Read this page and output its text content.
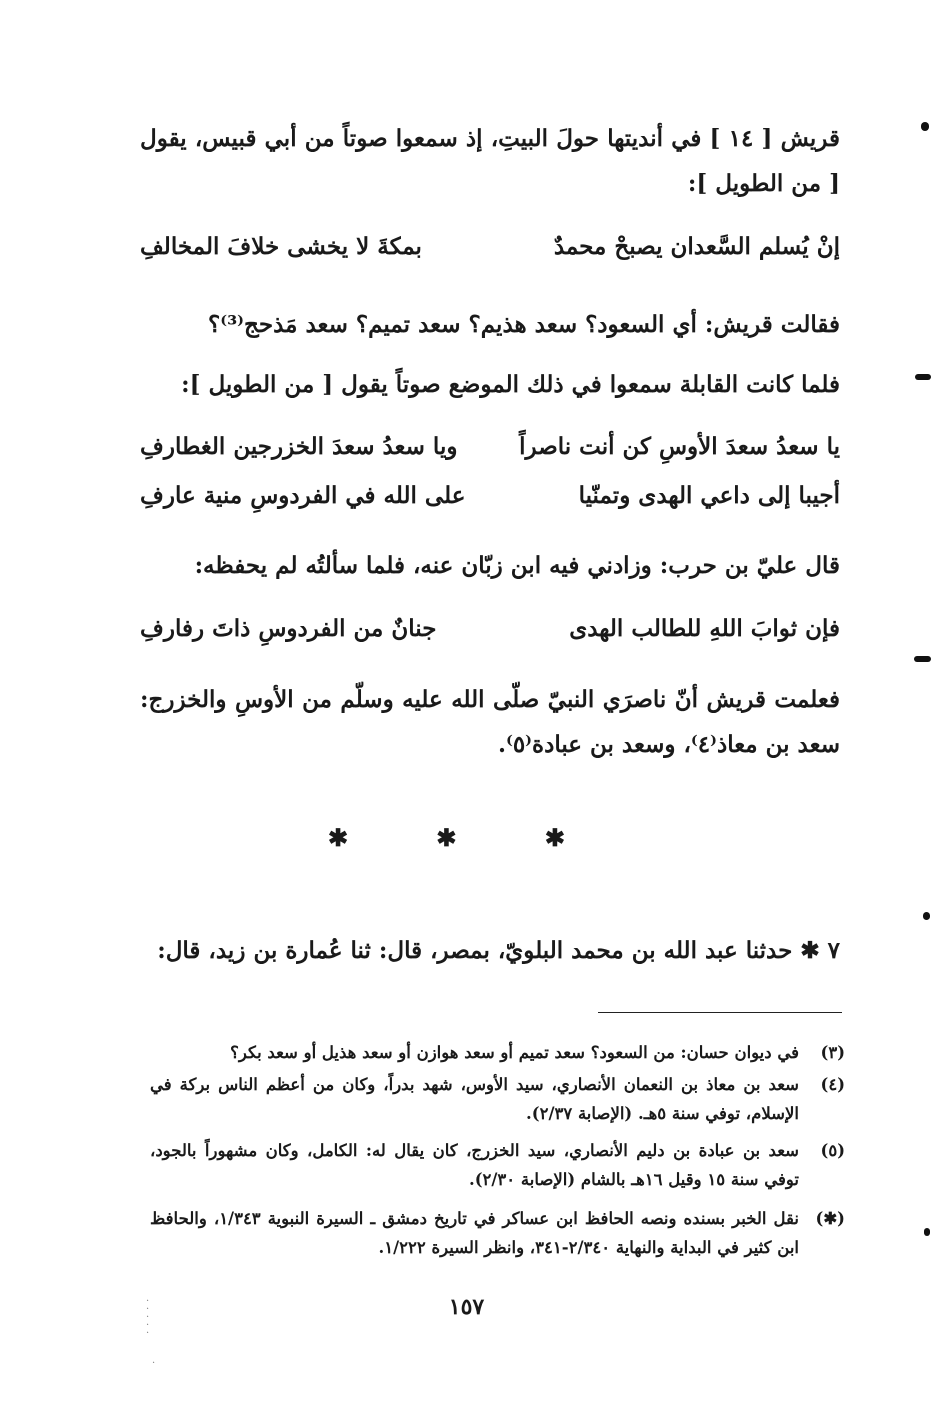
قريش [ ١٤ ] في أنديتها حولَ البيتِ، إذ سمعوا صوتاً من أبي قبيس، يقول [ من الطويل ]:
إنْ يُسلم السَّعدان يصبحْ محمدٌ
بمكةَ لا يخشى خلافَ المخالفِ
فقالت قريش: أي السعود؟ سعد هذيم؟ سعد تميم؟ سعد مَذحج⁽³⁾؟
فلما كانت القابلة سمعوا في ذلك الموضع صوتاً يقول [ من الطويل ]:
يا سعدُ سعدَ الأوسِ كن أنت ناصراً
ويا سعدُ سعدَ الخزرجين الغطارفِ
أجيبا إلى داعي الهدى وتمنّيا
على الله في الفردوسِ منية عارفِ
قال عليّ بن حرب: وزادني فيه ابن زبّان عنه، فلما سألتُه لم يحفظه:
فإن ثوابَ اللهِ للطالب الهدى
جنانٌ من الفردوسِ ذاتَ رفارفِ
فعلمت قريش أنّ ناصرَي النبيّ صلّى الله عليه وسلّم من الأوسِ والخزرج: سعد بن معاذ⁽٤⁾، وسعد بن عبادة⁽٥⁾.
✱ ✱ ✱
٧ ✱ حدثنا عبد الله بن محمد البلويّ، بمصر، قال: ثنا عُمارة بن زيد، قال:
(٣)
في ديوان حسان: من السعود؟ سعد تميم أو سعد هوازن أو سعد هذيل أو سعد بكر؟
(٤)
سعد بن معاذ بن النعمان الأنصاري، سيد الأوس، شهد بدراً، وكان من أعظم الناس بركة في الإسلام، توفي سنة ٥هـ. (الإصابة ٢/٣٧).
(٥)
سعد بن عبادة بن دليم الأنصاري، سيد الخزرج، كان يقال له: الكامل، وكان مشهوراً بالجود، توفي سنة ١٥ وقيل ١٦هـ بالشام (الإصابة ٢/٣٠).
(✱)
نقل الخبر بسنده ونصه الحافظ ابن عساكر في تاريخ دمشق ـ السيرة النبوية ١/٣٤٣، والحافظ ابن كثير في البداية والنهاية ٢/٣٤٠-٣٤١، وانظر السيرة ١/٢٢٢.
١٥٧
·
·
·
·
·
·
